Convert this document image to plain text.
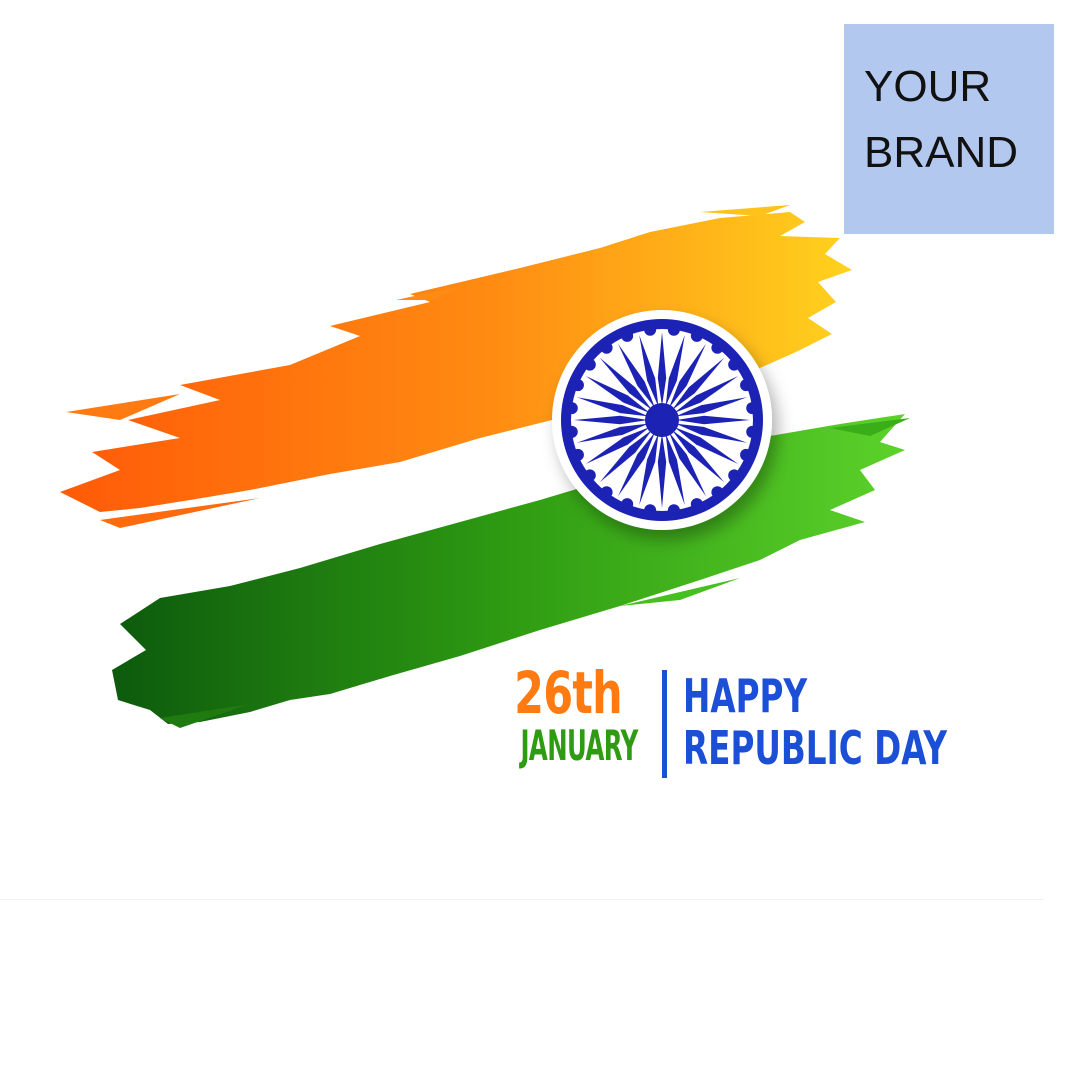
YOUR
BRAND
26th
JANUARY
HAPPY
REPUBLIC DAY
